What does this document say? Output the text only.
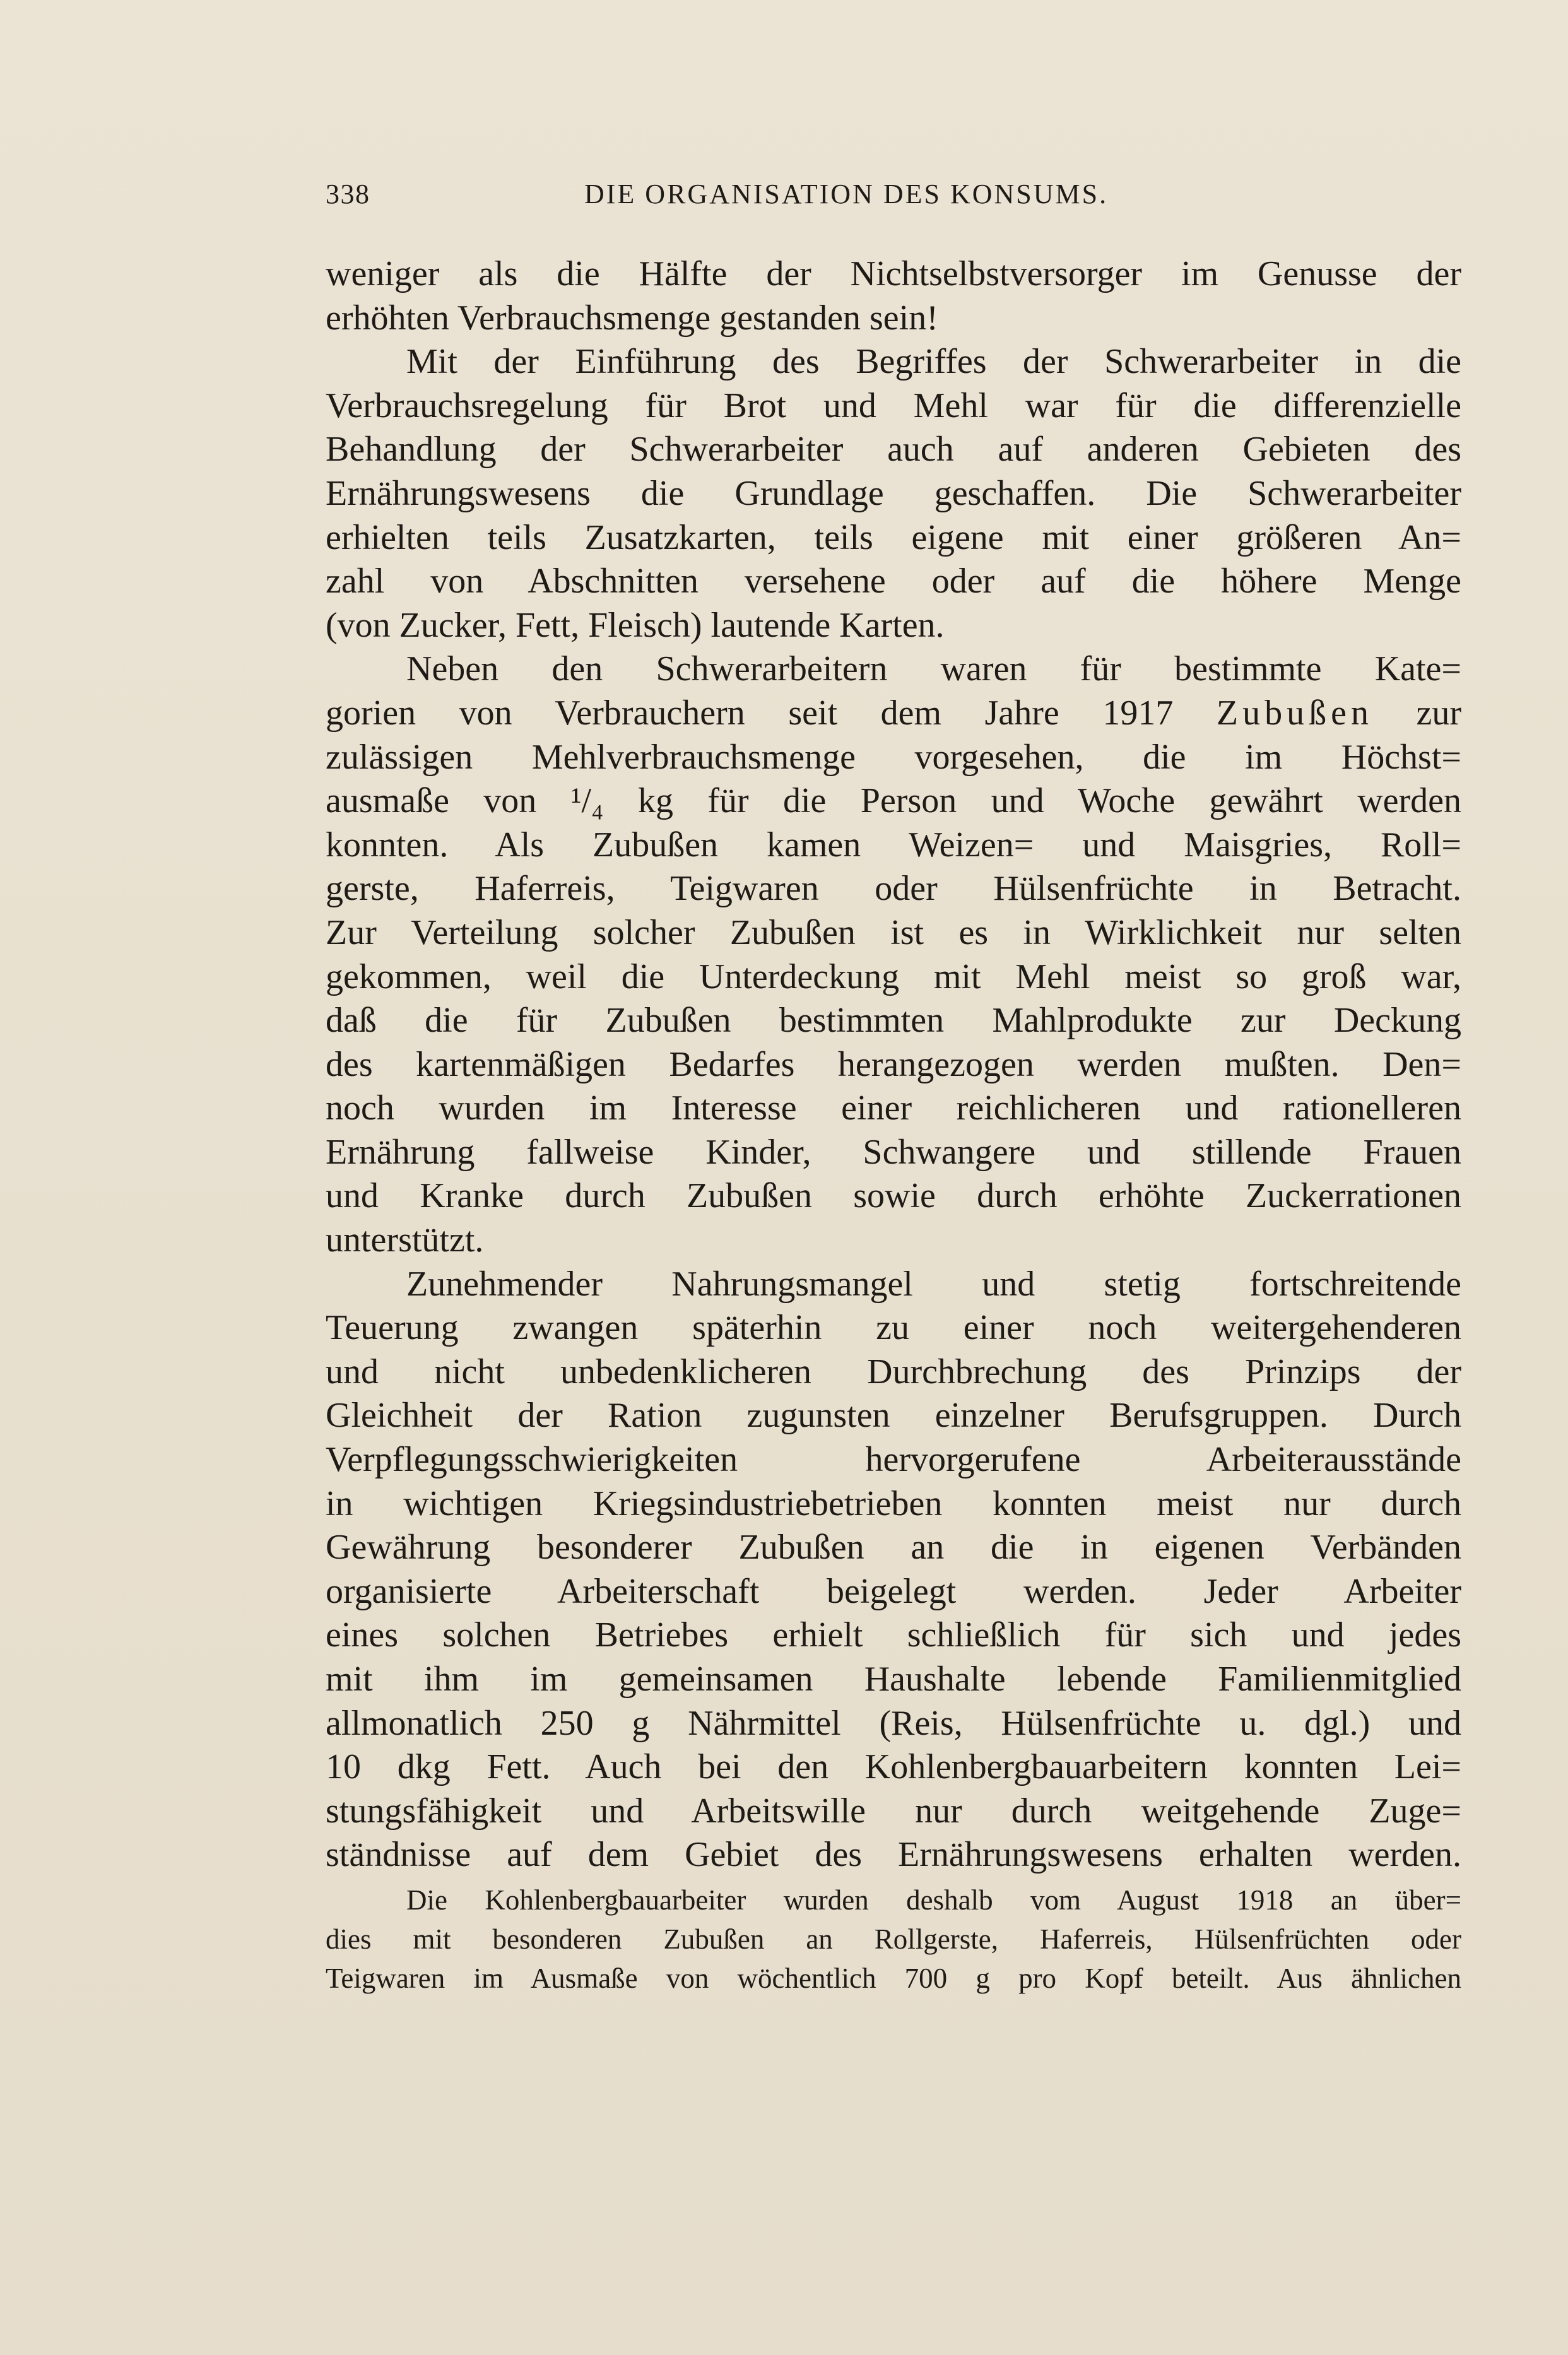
338	DIE ORGANISATION DES KONSUMS.
weniger als die Hälfte der Nichtselbstversorger im Genusse der
erhöhten Verbrauchsmenge gestanden sein!
Mit der Einführung des Begriffes der Schwerarbeiter in die
Verbrauchsregelung für Brot und Mehl war für die differenzielle
Behandlung der Schwerarbeiter auch auf anderen Gebieten des
Ernährungswesens die Grundlage geschaffen. Die Schwerarbeiter
erhielten teils Zusatzkarten, teils eigene mit einer größeren An=
zahl von Abschnitten versehene oder auf die höhere Menge
(von Zucker, Fett, Fleisch) lautende Karten.
Neben den Schwerarbeitern waren für bestimmte Kate=
gorien von Verbrauchern seit dem Jahre 1917 Zubußen zur
zulässigen Mehlverbrauchsmenge vorgesehen, die im Höchst=
ausmaße von ¹/₄ kg für die Person und Woche gewährt werden
konnten. Als Zubußen kamen Weizen= und Maisgries, Roll=
gerste, Haferreis, Teigwaren oder Hülsenfrüchte in Betracht.
Zur Verteilung solcher Zubußen ist es in Wirklichkeit nur selten
gekommen, weil die Unterdeckung mit Mehl meist so groß war,
daß die für Zubußen bestimmten Mahlprodukte zur Deckung
des kartenmäßigen Bedarfes herangezogen werden mußten. Den=
noch wurden im Interesse einer reichlicheren und rationelleren
Ernährung fallweise Kinder, Schwangere und stillende Frauen
und Kranke durch Zubußen sowie durch erhöhte Zuckerrationen
unterstützt.
Zunehmender Nahrungsmangel und stetig fortschreitende
Teuerung zwangen späterhin zu einer noch weitergehenderen
und nicht unbedenklicheren Durchbrechung des Prinzips der
Gleichheit der Ration zugunsten einzelner Berufsgruppen. Durch
Verpflegungsschwierigkeiten hervorgerufene Arbeiterausstände
in wichtigen Kriegsindustriebetrieben konnten meist nur durch
Gewährung besonderer Zubußen an die in eigenen Verbänden
organisierte Arbeiterschaft beigelegt werden. Jeder Arbeiter
eines solchen Betriebes erhielt schließlich für sich und jedes
mit ihm im gemeinsamen Haushalte lebende Familienmitglied
allmonatlich 250 g Nährmittel (Reis, Hülsenfrüchte u. dgl.) und
10 dkg Fett. Auch bei den Kohlenbergbauarbeitern konnten Lei=
stungsfähigkeit und Arbeitswille nur durch weitgehende Zuge=
ständnisse auf dem Gebiet des Ernährungswesens erhalten werden.
Die Kohlenbergbauarbeiter wurden deshalb vom August 1918 an über=
dies mit besonderen Zubußen an Rollgerste, Haferreis, Hülsenfrüchten oder
Teigwaren im Ausmaße von wöchentlich 700 g pro Kopf beteilt. Aus ähnlichen
